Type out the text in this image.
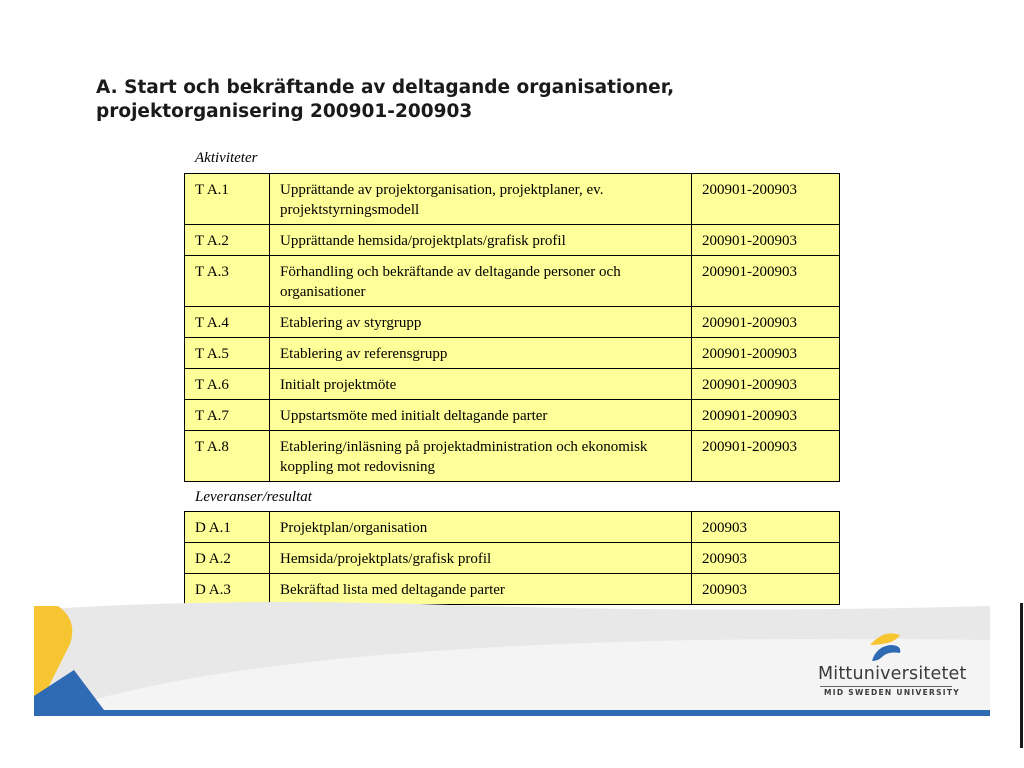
A. Start och bekräftande av deltagande organisationer, projektorganisering 200901-200903
Aktiviteter
T A.1	Upprättande av projektorganisation, projektplaner, ev. projektstyrningsmodell	200901-200903
T A.2	Upprättande hemsida/projektplats/grafisk profil	200901-200903
T A.3	Förhandling och bekräftande av deltagande personer och organisationer	200901-200903
T A.4	Etablering av styrgrupp	200901-200903
T A.5	Etablering av referensgrupp	200901-200903
T A.6	Initialt projektmöte	200901-200903
T A.7	Uppstartsmöte med initialt deltagande parter	200901-200903
T A.8	Etablering/inläsning på projektadministration och ekonomisk koppling mot redovisning	200901-200903
Leveranser/resultat
D A.1	Projektplan/organisation	200903
D A.2	Hemsida/projektplats/grafisk profil	200903
D A.3	Bekräftad lista med deltagande parter	200903
Mittuniversitetet
MID SWEDEN UNIVERSITY
